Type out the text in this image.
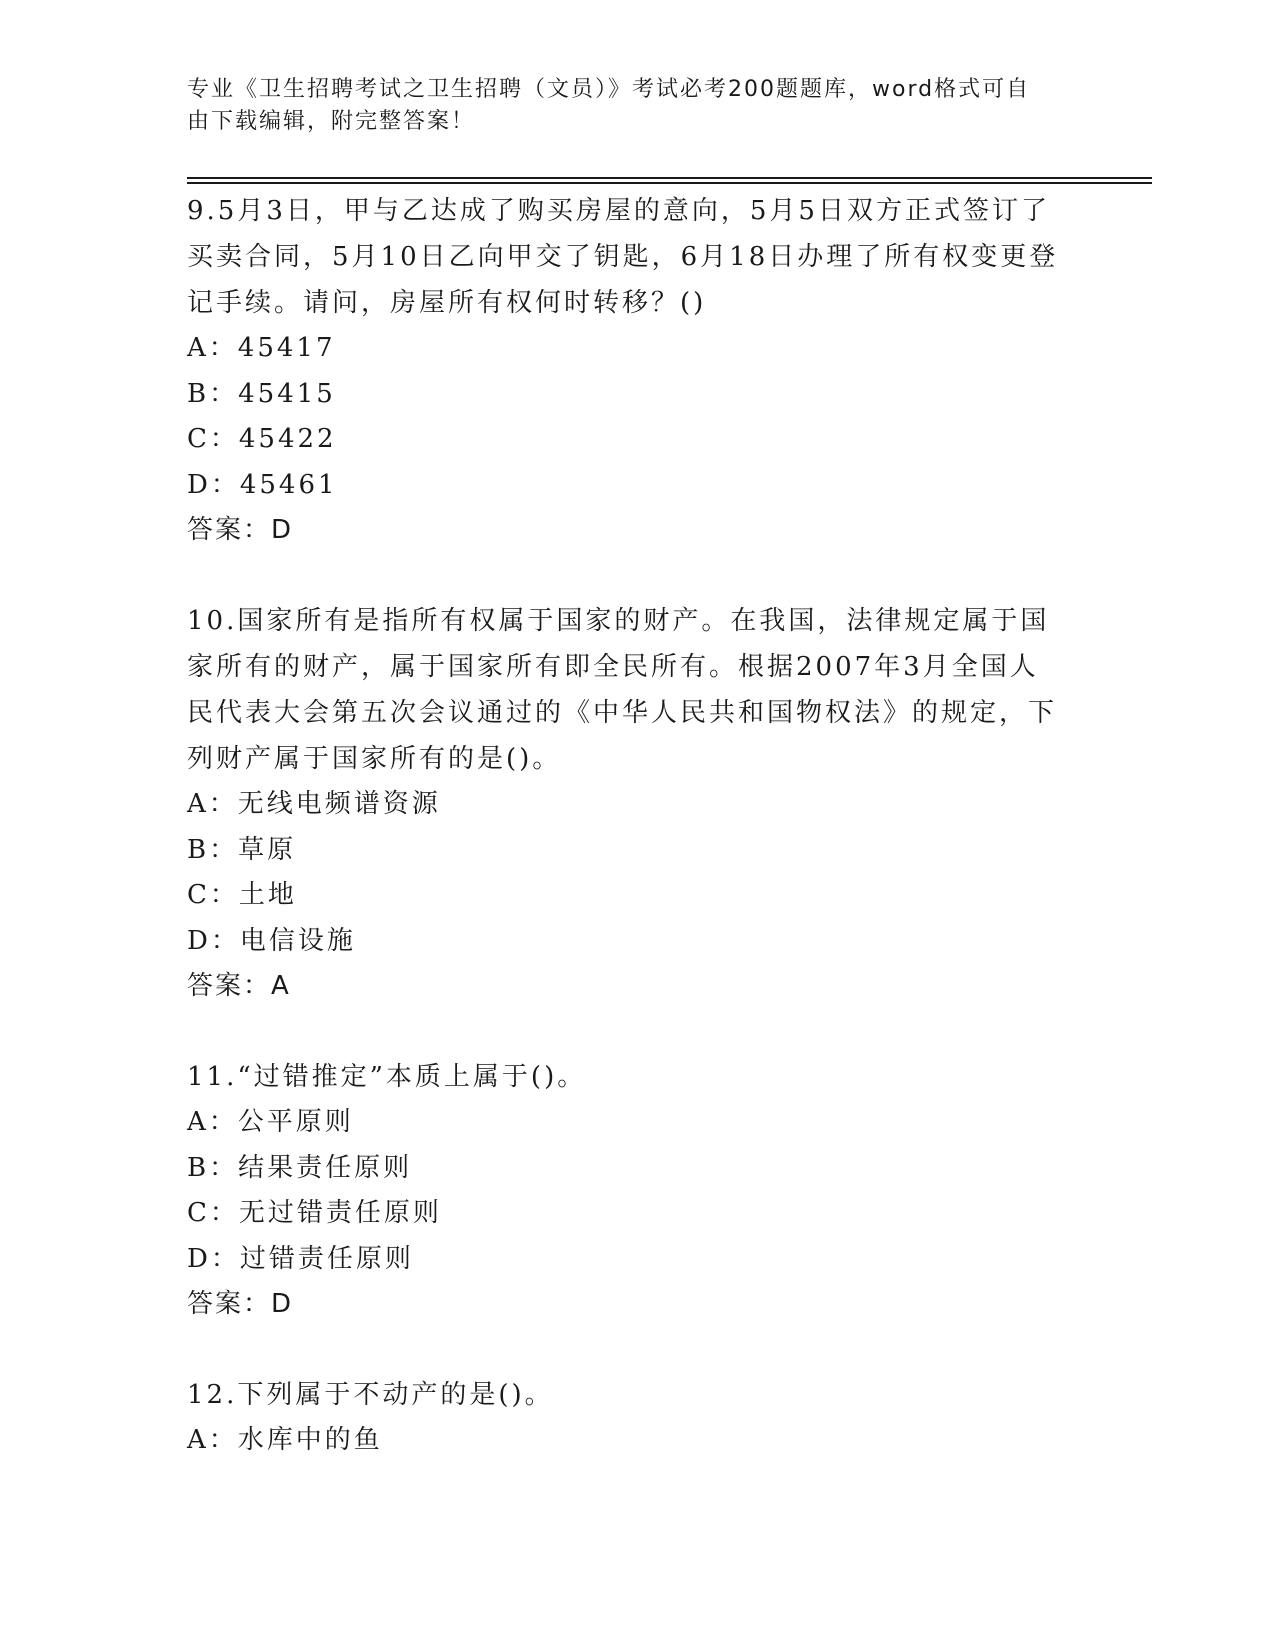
专业《卫生招聘考试之卫生招聘（文员）》考试必考200题题库，word格式可自
由下载编辑，附完整答案！

9.5月3日，甲与乙达成了购买房屋的意向，5月5日双方正式签订了买卖合同，5月10日乙向甲交了钥匙，6月18日办理了所有权变更登记手续。请问，房屋所有权何时转移？()

A：45417

B：45415

C：45422

D：45461

答案：D

10.国家所有是指所有权属于国家的财产。在我国，法律规定属于国家所有的财产，属于国家所有即全民所有。根据2007年3月全国人民代表大会第五次会议通过的《中华人民共和国物权法》的规定，下列财产属于国家所有的是()。

A：无线电频谱资源

B：草原

C：土地

D：电信设施

答案：A

11.“过错推定”本质上属于()。

A：公平原则

B：结果责任原则

C：无过错责任原则

D：过错责任原则

答案：D

12.下列属于不动产的是()。

A：水库中的鱼
